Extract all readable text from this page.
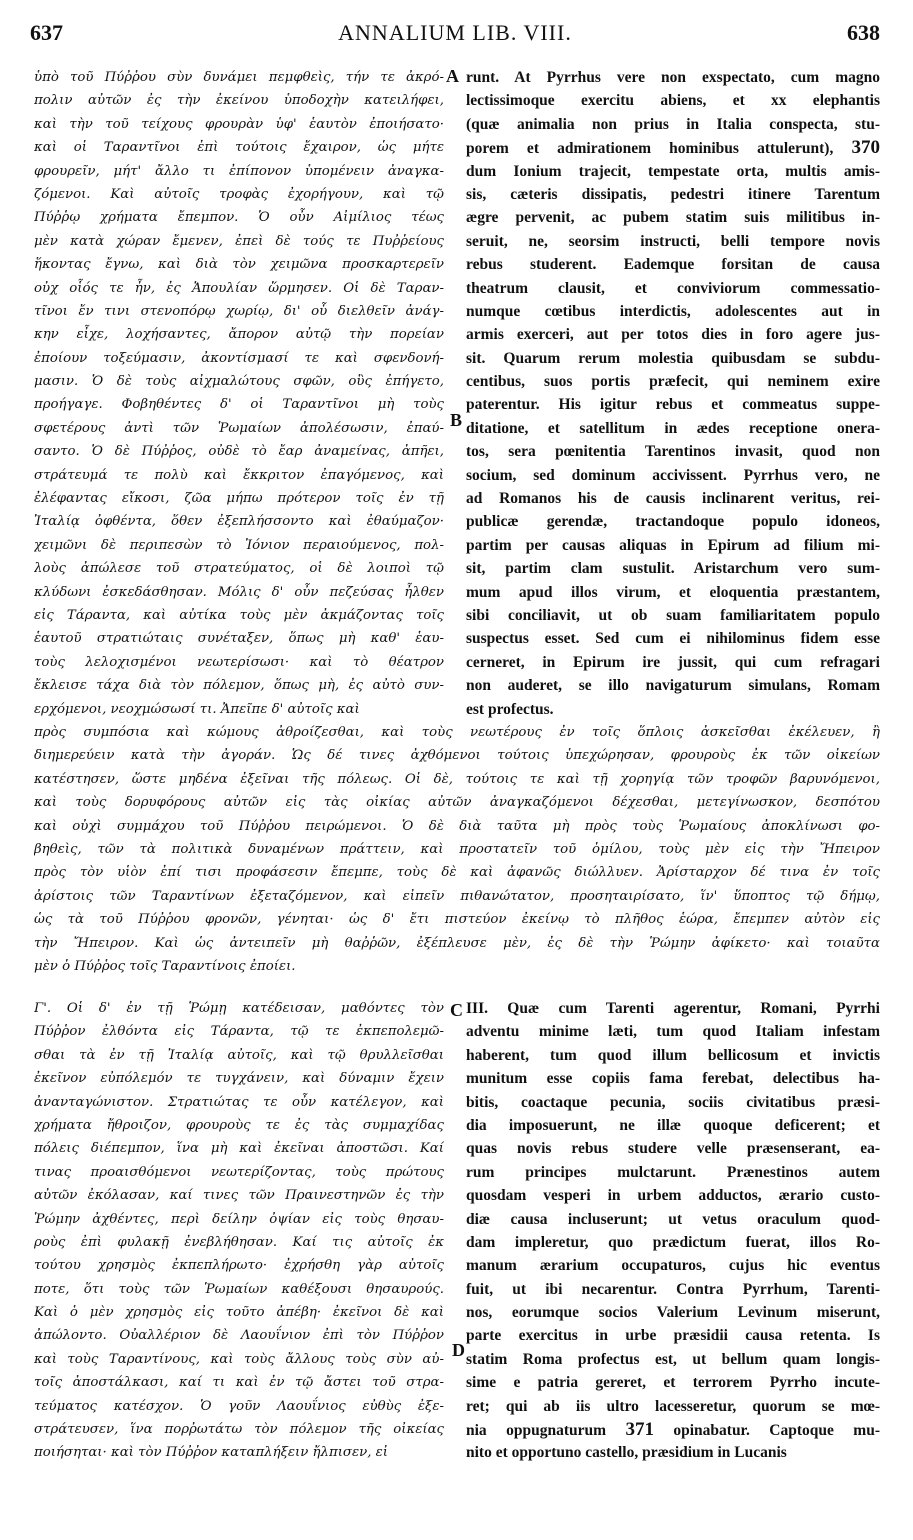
637	ANNALIUM LIB. VIII.	638
ὑπὸ τοῦ Πύῤῥου σὺν δυνάμει πεμφθεὶς, τήν τε ἀκρό-
πολιν αὐτῶν ἐς τὴν ἐκείνου ὑποδοχὴν κατειλήφει,
καὶ τὴν τοῦ τείχους φρουρὰν ὑφ' ἑαυτὸν ἐποιήσατο·
καὶ οἱ Ταραντῖνοι ἐπὶ τούτοις ἔχαιρον, ὡς μήτε
φρουρεῖν, μήτ' ἄλλο τι ἐπίπονον ὑπομένειν ἀναγκα-
ζόμενοι. Καὶ αὐτοῖς τροφὰς ἐχορήγουν, καὶ τῷ
Πύῤῥῳ χρήματα ἔπεμπον. Ὁ οὖν Αἰμίλιος τέως
μὲν κατὰ χώραν ἔμενεν, ἐπεὶ δὲ τούς τε Πυῤῥείους
ἥκοντας ἔγνω, καὶ διὰ τὸν χειμῶνα προσκαρτερεῖν
οὐχ οἷός τε ἦν, ἐς Ἀπουλίαν ὥρμησεν. Οἱ δὲ Ταραν-
τῖνοι ἔν τινι στενοπόρῳ χωρίῳ, δι' οὗ διελθεῖν ἀνάγ-
κην εἶχε, λοχήσαντες, ἄπορον αὐτῷ τὴν πορείαν
ἐποίουν τοξεύμασιν, ἀκοντίσμασί τε καὶ σφενδονή-
μασιν. Ὁ δὲ τοὺς αἰχμαλώτους σφῶν, οὓς ἐπήγετο,
προήγαγε. Φοβηθέντες δ' οἱ Ταραντῖνοι μὴ τοὺς
σφετέρους ἀντὶ τῶν Ῥωμαίων ἀπολέσωσιν, ἐπαύ-
σαντο. Ὁ δὲ Πύῤῥος, οὐδὲ τὸ ἔαρ ἀναμείνας, ἀπῆει,
στράτευμά τε πολὺ καὶ ἔκκριτον ἐπαγόμενος, καὶ
ἐλέφαντας εἴκοσι, ζῶα μήπω πρότερον τοῖς ἐν τῇ
Ἰταλίᾳ ὀφθέντα, ὅθεν ἐξεπλήσσοντο καὶ ἐθαύμαζον·
χειμῶνι δὲ περιπεσὼν τὸ Ἰόνιον περαιούμενος, πολ-
λοὺς ἀπώλεσε τοῦ στρατεύματος, οἱ δὲ λοιποὶ τῷ
κλύδωνι ἐσκεδάσθησαν. Μόλις δ' οὖν πεζεύσας ἦλθεν
εἰς Τάραντα, καὶ αὐτίκα τοὺς μὲν ἀκμάζοντας τοῖς
ἑαυτοῦ στρατιώταις συνέταξεν, ὅπως μὴ καθ' ἑαυ-
τοὺς λελοχισμένοι νεωτερίσωσι· καὶ τὸ θέατρον
ἔκλεισε τάχα διὰ τὸν πόλεμον, ὅπως μὴ, ἐς αὐτὸ συν-
ερχόμενοι, νεοχμώσωσί τι. Ἀπεῖπε δ' αὐτοῖς καὶ
runt. At Pyrrhus vere non exspectato, cum magno
lectissimoque exercitu abiens, et xx elephantis
(quæ animalia non prius in Italia conspecta, stu-
porem et admirationem hominibus attulerunt), 370
dum Ionium trajecit, tempestate orta, multis amis-
sis, cæteris dissipatis, pedestri itinere Tarentum
ægre pervenit, ac pubem statim suis militibus in-
seruit, ne, seorsim instructi, belli tempore novis
rebus studerent. Eademque forsitan de causa
theatrum clausit, et conviviorum commessatio-
numque cœtibus interdictis, adolescentes aut in
armis exerceri, aut per totos dies in foro agere jus-
sit. Quarum rerum molestia quibusdam se subdu-
centibus, suos portis præfecit, qui neminem exire
paterentur. His igitur rebus et commeatus suppe-
ditatione, et satellitum in ædes receptione onera-
tos, sera pœnitentia Tarentinos invasit, quod non
socium, sed dominum accivissent. Pyrrhus vero, ne
ad Romanos his de causis inclinarent veritus, rei-
publicæ gerendæ, tractandoque populo idoneos,
partim per causas aliquas in Epirum ad filium mi-
sit, partim clam sustulit. Aristarchum vero sum-
mum apud illos virum, et eloquentia præstantem,
sibi conciliavit, ut ob suam familiaritatem populo
suspectus esset. Sed cum ei nihilominus fidem esse
cerneret, in Epirum ire jussit, qui cum refragari
non auderet, se illo navigaturum simulans, Romam
est profectus.
A
B
C
D
πρὸς συμπόσια καὶ κώμους ἀθροίζεσθαι, καὶ τοὺς νεωτέρους ἐν τοῖς ὅπλοις ἀσκεῖσθαι ἐκέλευεν, ἢ
διημερεύειν κατὰ τὴν ἀγοράν. Ὡς δέ τινες ἀχθόμενοι τούτοις ὑπεχώρησαν, φρουροὺς ἐκ τῶν οἰκείων
κατέστησεν, ὥστε μηδένα ἐξεῖναι τῆς πόλεως. Οἱ δὲ, τούτοις τε καὶ τῇ χορηγίᾳ τῶν τροφῶν βαρυνόμενοι,
καὶ τοὺς δορυφόρους αὐτῶν εἰς τὰς οἰκίας αὐτῶν ἀναγκαζόμενοι δέχεσθαι, μετεγίνωσκον, δεσπότου
καὶ οὐχὶ συμμάχου τοῦ Πύῤῥου πειρώμενοι. Ὁ δὲ διὰ ταῦτα μὴ πρὸς τοὺς Ῥωμαίους ἀποκλίνωσι φο-
βηθεὶς, τῶν τὰ πολιτικὰ δυναμένων πράττειν, καὶ προστατεῖν τοῦ ὁμίλου, τοὺς μὲν εἰς τὴν Ἤπειρον
πρὸς τὸν υἱὸν ἐπί τισι προφάσεσιν ἔπεμπε, τοὺς δὲ καὶ ἀφανῶς διώλλυεν. Ἀρίσταρχον δέ τινα ἐν τοῖς
ἀρίστοις τῶν Ταραντίνων ἐξεταζόμενον, καὶ εἰπεῖν πιθανώτατον, προσηταιρίσατο, ἵν' ὕποπτος τῷ δήμῳ,
ὡς τὰ τοῦ Πύῤῥου φρονῶν, γένηται· ὡς δ' ἔτι πιστεύον ἐκείνῳ τὸ πλῆθος ἑώρα, ἔπεμπεν αὐτὸν εἰς
τὴν Ἤπειρον. Καὶ ὡς ἀντειπεῖν μὴ θαῤῥῶν, ἐξέπλευσε μὲν, ἐς δὲ τὴν Ῥώμην ἀφίκετο· καὶ τοιαῦτα
μὲν ὁ Πύῤῥος τοῖς Ταραντίνοις ἐποίει.
Γ'. Οἱ δ' ἐν τῇ Ῥώμῃ κατέδεισαν, μαθόντες τὸν
Πύῤῥον ἐλθόντα εἰς Τάραντα, τῷ τε ἐκπεπολεμῶ-
σθαι τὰ ἐν τῇ Ἰταλίᾳ αὐτοῖς, καὶ τῷ θρυλλεῖσθαι
ἐκεῖνον εὐπόλεμόν τε τυγχάνειν, καὶ δύναμιν ἔχειν
ἀνανταγώνιστον. Στρατιώτας τε οὖν κατέλεγον, καὶ
χρήματα ἤθροιζον, φρουροὺς τε ἐς τὰς συμμαχίδας
πόλεις διέπεμπον, ἵνα μὴ καὶ ἐκεῖναι ἀποστῶσι. Καί
τινας προαισθόμενοι νεωτερίζοντας, τοὺς πρώτους
αὐτῶν ἐκόλασαν, καί τινες τῶν Πραινεστηνῶν ἐς τὴν
Ῥώμην ἀχθέντες, περὶ δείλην ὀψίαν εἰς τοὺς θησαυ-
ροὺς ἐπὶ φυλακῇ ἐνεβλήθησαν. Καί τις αὐτοῖς ἐκ
τούτου χρησμὸς ἐκπεπλήρωτο· ἐχρήσθη γὰρ αὐτοῖς
ποτε, ὅτι τοὺς τῶν Ῥωμαίων καθέξουσι θησαυρούς.
Καὶ ὁ μὲν χρησμὸς εἰς τοῦτο ἀπέβη· ἐκεῖνοι δὲ καὶ
ἀπώλοντο. Οὐαλλέριον δὲ Λαουΐνιον ἐπὶ τὸν Πύῤῥον
καὶ τοὺς Ταραντίνους, καὶ τοὺς ἄλλους τοὺς σὺν αὐ-
τοῖς ἀποστάλκασι, καί τι καὶ ἐν τῷ ἄστει τοῦ στρα-
τεύματος κατέσχον. Ὁ γοῦν Λαουΐνιος εὐθὺς ἐξε-
στράτευσεν, ἵνα πορῤωτάτω τὸν πόλεμον τῆς οἰκείας
ποιήσηται· καὶ τὸν Πύῤῥον καταπλήξειν ἤλπισεν, εἰ
III. Quæ cum Tarenti agerentur, Romani, Pyrrhi
adventu minime læti, tum quod Italiam infestam
haberent, tum quod illum bellicosum et invictis
munitum esse copiis fama ferebat, delectibus ha-
bitis, coactaque pecunia, sociis civitatibus præsi-
dia imposuerunt, ne illæ quoque deficerent; et
quas novis rebus studere velle præsenserant, ea-
rum principes mulctarunt. Prænestinos autem
quosdam vesperi in urbem adductos, ærario custo-
diæ causa incluserunt; ut vetus oraculum quod-
dam impleretur, quo prædictum fuerat, illos Ro-
manum ærarium occupaturos, cujus hic eventus
fuit, ut ibi necarentur. Contra Pyrrhum, Tarenti-
nos, eorumque socios Valerium Levinum miserunt,
parte exercitus in urbe præsidii causa retenta. Is
statim Roma profectus est, ut bellum quam longis-
sime e patria gereret, et terrorem Pyrrho incute-
ret; qui ab iis ultro lacesseretur, quorum se mœ-
nia oppugnaturum 371 opinabatur. Captoque mu-
nito et opportuno castello, præsidium in Lucanis
